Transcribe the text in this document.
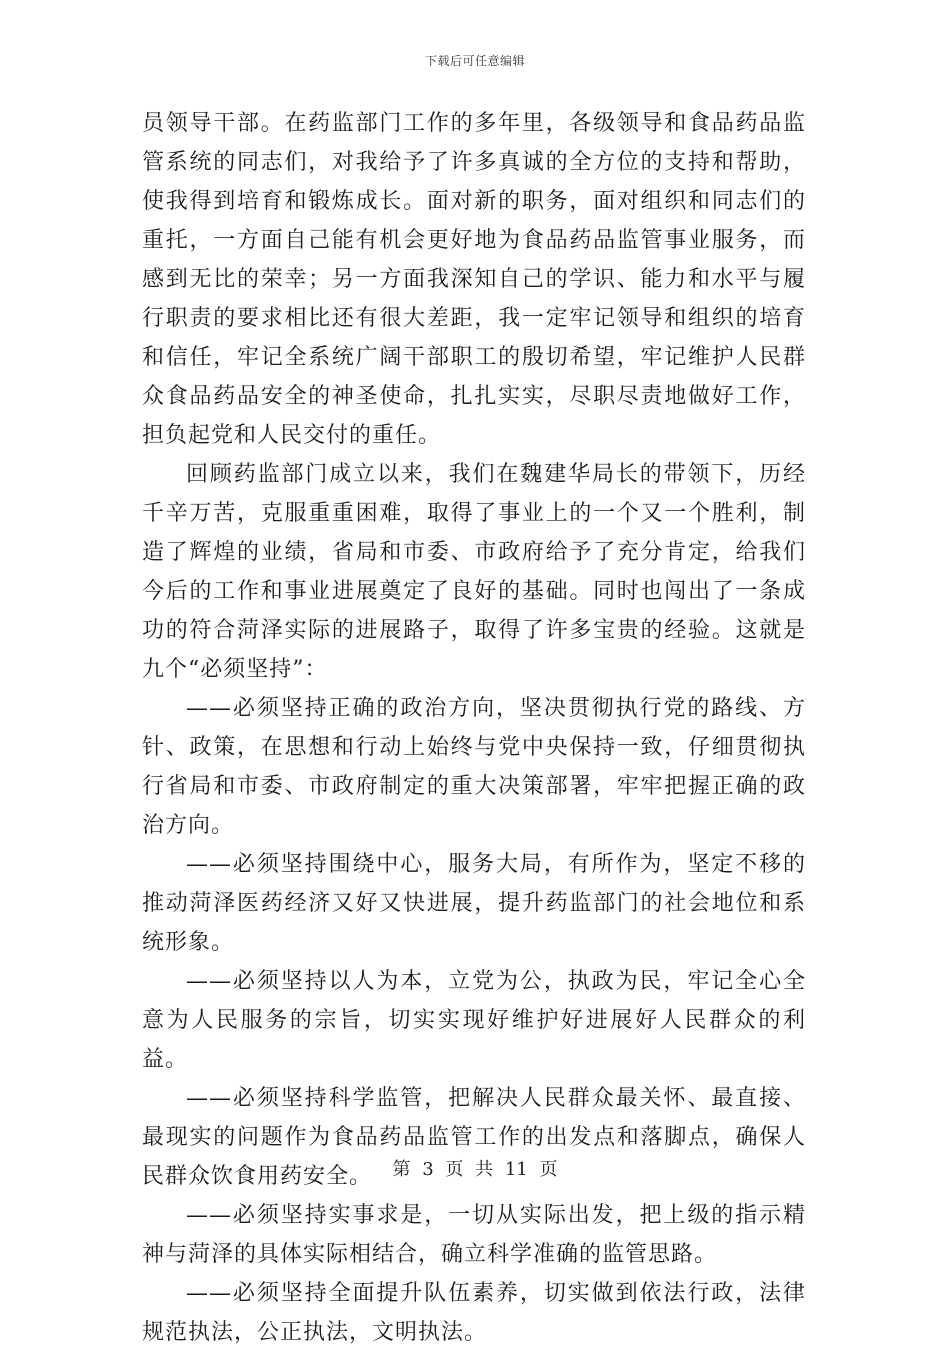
下载后可任意编辑

员领导干部。在药监部门工作的多年里，各级领导和食品药品监管系统的同志们，对我给予了许多真诚的全方位的支持和帮助，使我得到培育和锻炼成长。面对新的职务，面对组织和同志们的重托，一方面自己能有机会更好地为食品药品监管事业服务，而感到无比的荣幸；另一方面我深知自己的学识、能力和水平与履行职责的要求相比还有很大差距，我一定牢记领导和组织的培育和信任，牢记全系统广阔干部职工的殷切希望，牢记维护人民群众食品药品安全的神圣使命，扎扎实实，尽职尽责地做好工作，担负起党和人民交付的重任。

回顾药监部门成立以来，我们在魏建华局长的带领下，历经千辛万苦，克服重重困难，取得了事业上的一个又一个胜利，制造了辉煌的业绩，省局和市委、市政府给予了充分肯定，给我们今后的工作和事业进展奠定了良好的基础。同时也闯出了一条成功的符合菏泽实际的进展路子，取得了许多宝贵的经验。这就是九个“必须坚持”：

——必须坚持正确的政治方向，坚决贯彻执行党的路线、方针、政策，在思想和行动上始终与党中央保持一致，仔细贯彻执行省局和市委、市政府制定的重大决策部署，牢牢把握正确的政治方向。

——必须坚持围绕中心，服务大局，有所作为，坚定不移的推动菏泽医药经济又好又快进展，提升药监部门的社会地位和系统形象。

——必须坚持以人为本，立党为公，执政为民，牢记全心全意为人民服务的宗旨，切实实现好维护好进展好人民群众的利益。

——必须坚持科学监管，把解决人民群众最关怀、最直接、最现实的问题作为食品药品监管工作的出发点和落脚点，确保人民群众饮食用药安全。

——必须坚持实事求是，一切从实际出发，把上级的指示精神与菏泽的具体实际相结合，确立科学准确的监管思路。

——必须坚持全面提升队伍素养，切实做到依法行政，法律规范执法，公正执法，文明执法。

第 3 页 共 11 页
